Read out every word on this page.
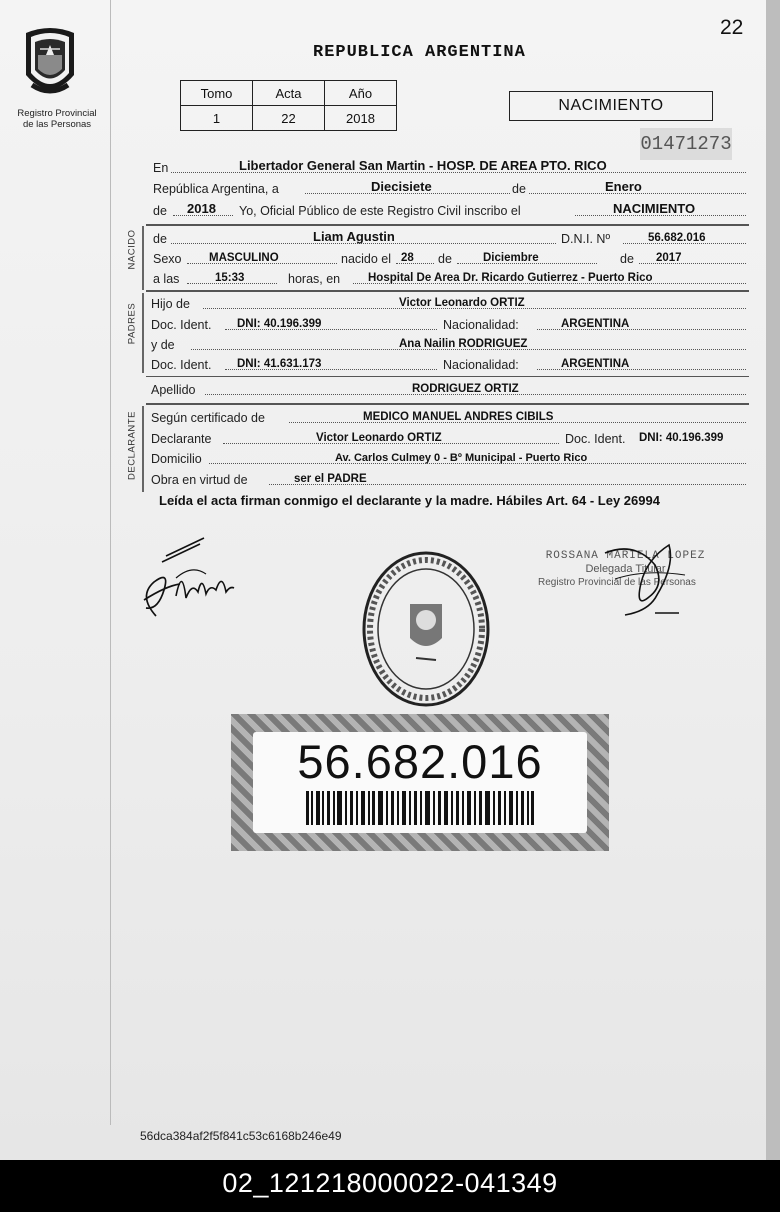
22
Registro Provincial
de las Personas
REPUBLICA ARGENTINA
Tomo	Acta	Año
1	22	2018
NACIMIENTO
01471273
En	Libertador General San Martin - HOSP. DE AREA PTO. RICO
República Argentina, a	Diecisiete	de	Enero
de 2018 Yo, Oficial Público de este Registro Civil inscribo el	NACIMIENTO
NACIDO de	Liam Agustin	D.N.I. Nº	56.682.016
Sexo MASCULINO	nacido el 28 de	Diciembre	de 2017
a las	15:33	horas, en Hospital De Area Dr. Ricardo Gutierrez - Puerto Rico
PADRES Hijo de	Victor Leonardo ORTIZ
Doc. Ident. DNI: 40.196.399	Nacionalidad:	ARGENTINA
y de	Ana Nailin RODRIGUEZ
Doc. Ident. DNI: 41.631.173	Nacionalidad:	ARGENTINA
Apellido	RODRIGUEZ ORTIZ
DECLARANTE Según certificado de	MEDICO MANUEL ANDRES CIBILS
Declarante	Victor Leonardo ORTIZ	Doc. Ident. DNI: 40.196.399
Domicilio	Av. Carlos Culmey 0 - Bº Municipal - Puerto Rico
Obra en virtud de	ser el PADRE
Leída el acta firman conmigo el declarante y la madre. Hábiles Art. 64 - Ley 26994
ROSSANA MARIELA LOPEZ
Delegada Titular
Registro Provincial de las Personas
56.682.016
56dca384af2f5f841c53c6168b246e49
02_121218000022-041349
